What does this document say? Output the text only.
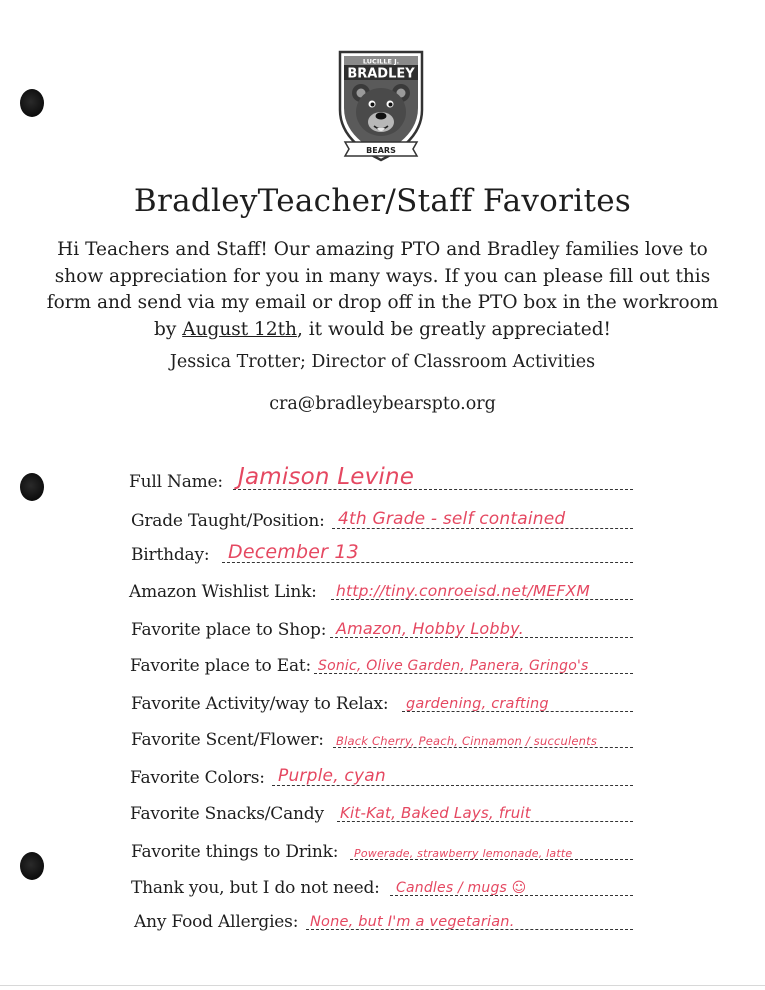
LUCILLE J.
BRADLEY
BEARS
BradleyTeacher/Staff Favorites
Hi Teachers and Staff! Our amazing PTO and Bradley families love to show appreciation for you in many ways. If you can please fill out this form and send via my email or drop off in the PTO box in the workroom by August 12th, it would be greatly appreciated!
Jessica Trotter; Director of Classroom Activities
cra@bradleybearspto.org
Full Name: Jamison Levine
Grade Taught/Position: 4th Grade - self contained
Birthday: December 13
Amazon Wishlist Link: http://tiny.conroeisd.net/MEFXM
Favorite place to Shop: Amazon, Hobby Lobby.
Favorite place to Eat: Sonic, Olive Garden, Panera, Gringo's
Favorite Activity/way to Relax: gardening, crafting
Favorite Scent/Flower: Black Cherry, Peach, Cinnamon / succulents
Favorite Colors: Purple, cyan
Favorite Snacks/Candy Kit-Kat, Baked Lays, fruit
Favorite things to Drink: Powerade, strawberry lemonade, latte
Thank you, but I do not need: Candles / mugs ☺
Any Food Allergies: None, but I'm a vegetarian.
